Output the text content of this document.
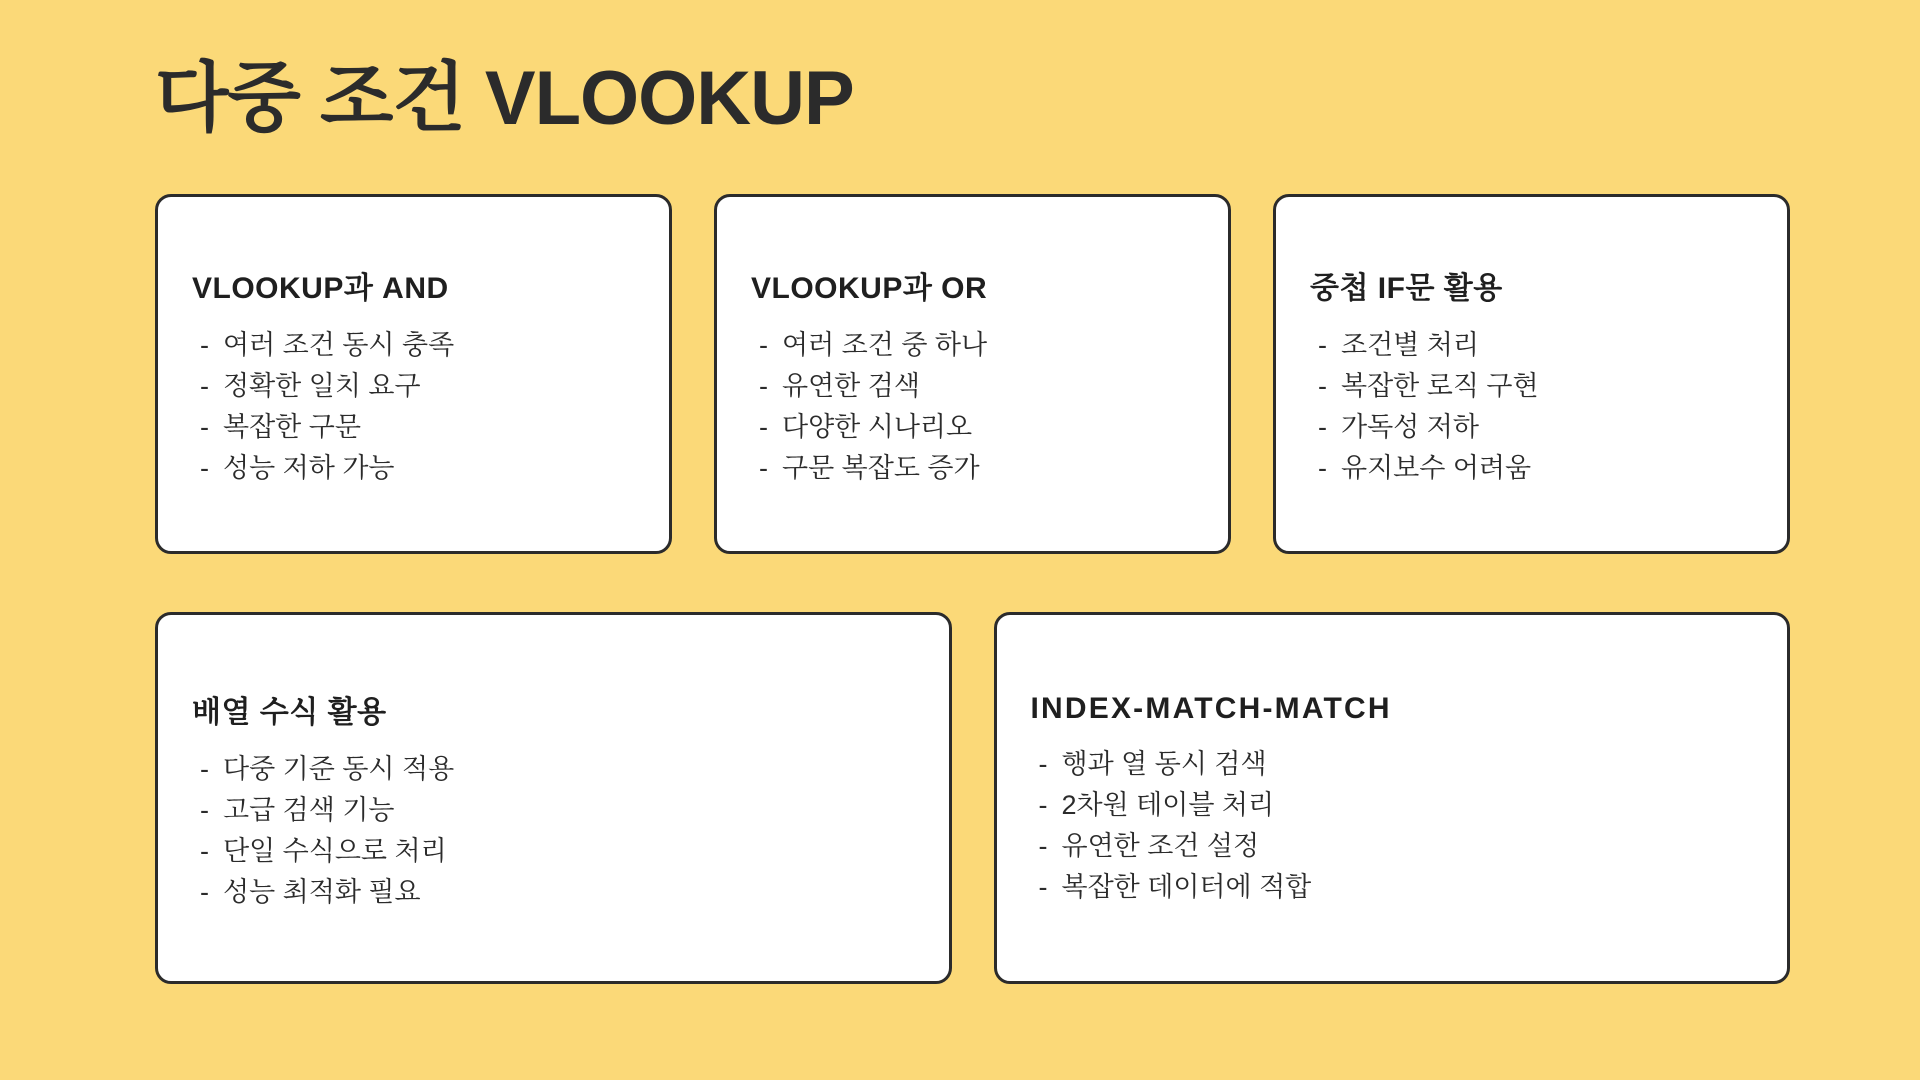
다중 조건 VLOOKUP
VLOOKUP과 AND
- 여러 조건 동시 충족
- 정확한 일치 요구
- 복잡한 구문
- 성능 저하 가능
VLOOKUP과 OR
- 여러 조건 중 하나
- 유연한 검색
- 다양한 시나리오
- 구문 복잡도 증가
중첩 IF문 활용
- 조건별 처리
- 복잡한 로직 구현
- 가독성 저하
- 유지보수 어려움
배열 수식 활용
- 다중 기준 동시 적용
- 고급 검색 기능
- 단일 수식으로 처리
- 성능 최적화 필요
INDEX-MATCH-MATCH
- 행과 열 동시 검색
- 2차원 테이블 처리
- 유연한 조건 설정
- 복잡한 데이터에 적합
